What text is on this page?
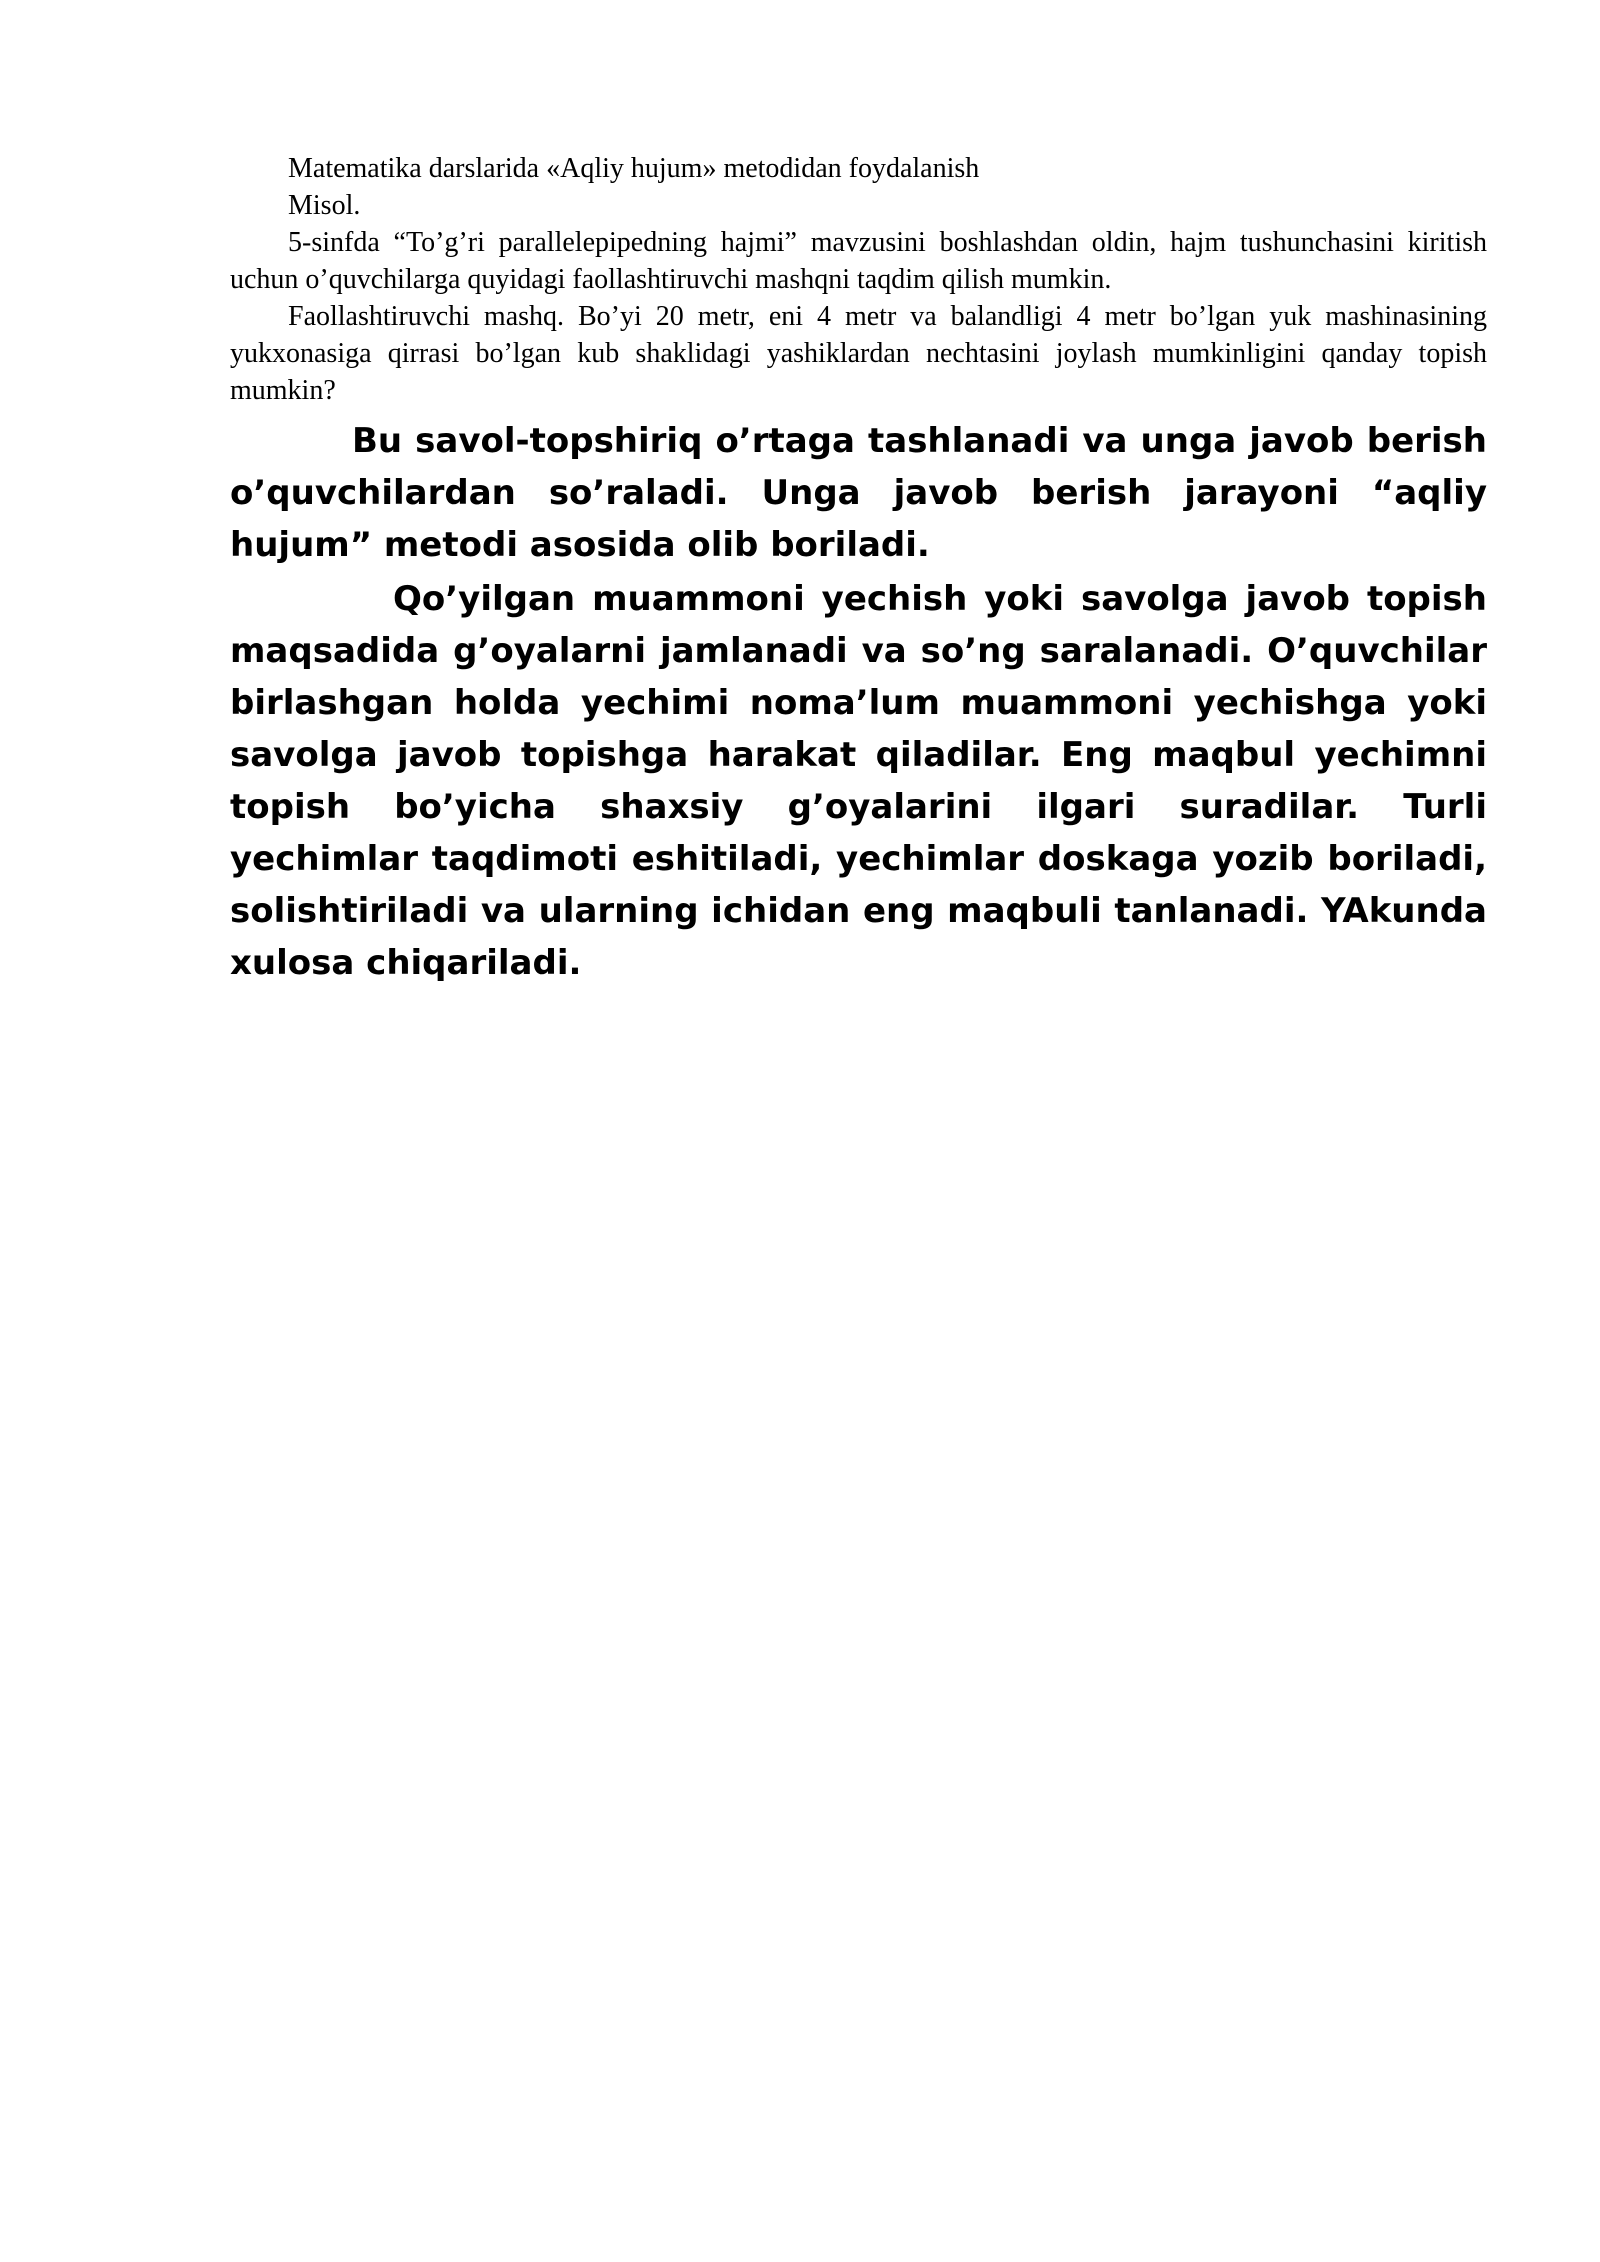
Matematika darslarida «Aqliy hujum» metodidan foydalanish

Misol.

5-sinfda “To’g’ri parallelepipedning hajmi” mavzusini boshlashdan oldin, hajm tushunchasini kiritish uchun o’quvchilarga quyidagi faollashtiruvchi mashqni taqdim qilish mumkin.

Faollashtiruvchi mashq. Bo’yi 20 metr, eni 4 metr va balandligi 4 metr bo’lgan yuk mashinasining yukxonasiga qirrasi bo’lgan kub shaklidagi yashiklardan nechtasini joylash mumkinligini qanday topish mumkin?

Bu savol-topshiriq o’rtaga tashlanadi va unga javob berish o’quvchilardan so’raladi. Unga javob berish jarayoni “aqliy hujum” metodi asosida olib boriladi.

Qo’yilgan muammoni yechish yoki savolga javob topish maqsadida g’oyalarni jamlanadi va so’ng saralanadi. O’quvchilar birlashgan holda yechimi noma’lum muammoni yechishga yoki savolga javob topishga harakat qiladilar. Eng maqbul yechimni topish bo’yicha shaxsiy g’oyalarini ilgari suradilar. Turli yechimlar taqdimoti eshitiladi, yechimlar doskaga yozib boriladi, solishtiriladi va ularning ichidan eng maqbuli tanlanadi. YAkunda xulosa chiqariladi.
